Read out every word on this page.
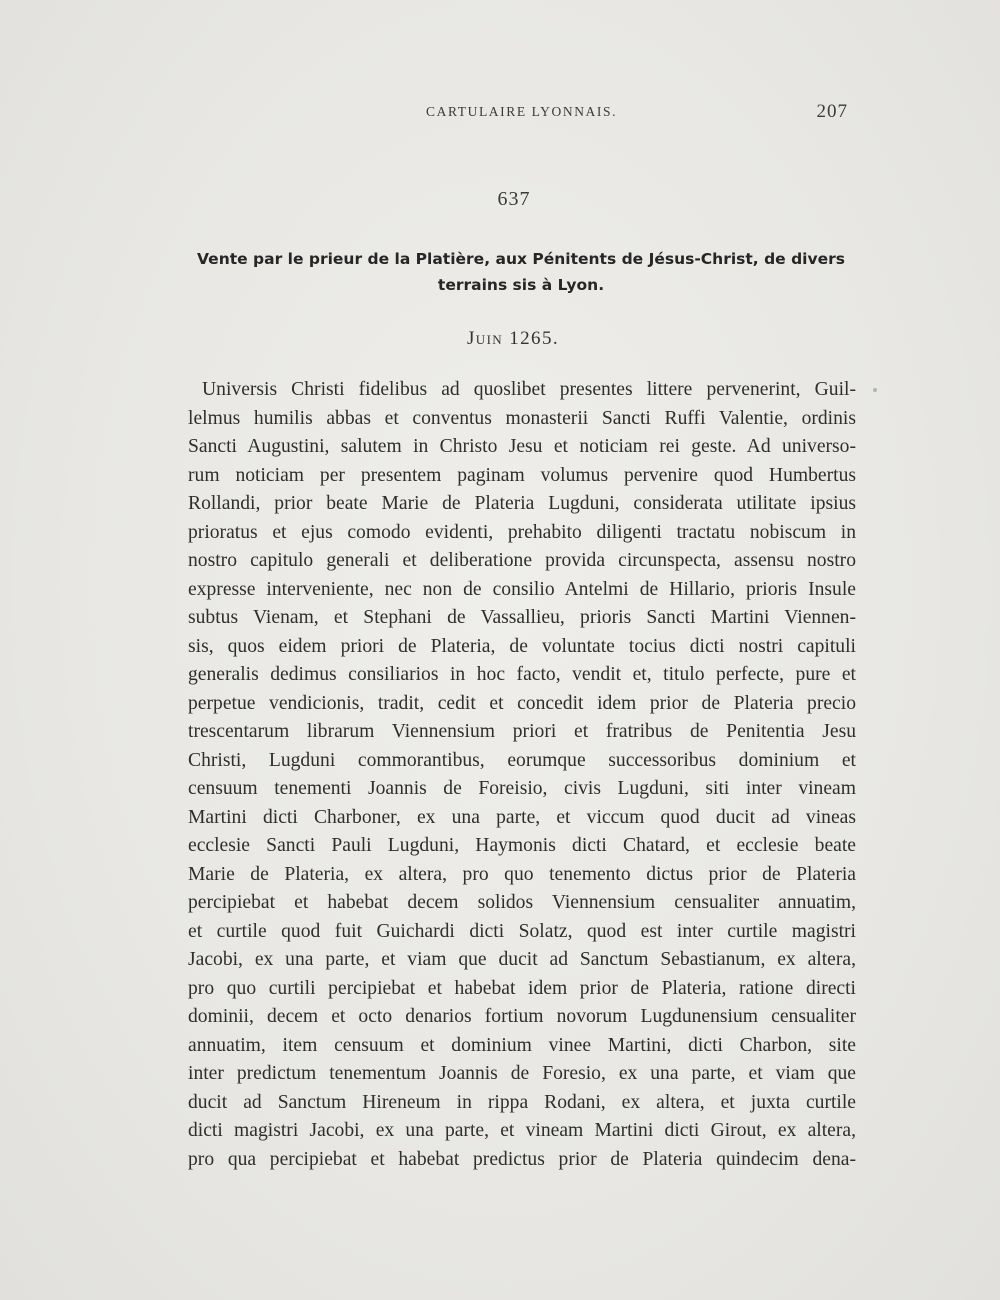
CARTULAIRE LYONNAIS.	207
637
Vente par le prieur de la Platière, aux Pénitents de Jésus-Christ, de divers
terrains sis à Lyon.
Juin 1265.
Universis Christi fidelibus ad quoslibet presentes littere pervenerint, Guil-
lelmus humilis abbas et conventus monasterii Sancti Ruffi Valentie, ordinis
Sancti Augustini, salutem in Christo Jesu et noticiam rei geste. Ad universo-
rum noticiam per presentem paginam volumus pervenire quod Humbertus
Rollandi, prior beate Marie de Plateria Lugduni, considerata utilitate ipsius
prioratus et ejus comodo evidenti, prehabito diligenti tractatu nobiscum in
nostro capitulo generali et deliberatione provida circunspecta, assensu nostro
expresse interveniente, nec non de consilio Antelmi de Hillario, prioris Insule
subtus Vienam, et Stephani de Vassallieu, prioris Sancti Martini Viennen-
sis, quos eidem priori de Plateria, de voluntate tocius dicti nostri capituli
generalis dedimus consiliarios in hoc facto, vendit et, titulo perfecte, pure et
perpetue vendicionis, tradit, cedit et concedit idem prior de Plateria precio
trescentarum librarum Viennensium priori et fratribus de Penitentia Jesu
Christi, Lugduni commorantibus, eorumque successoribus dominium et
censuum tenementi Joannis de Foreisio, civis Lugduni, siti inter vineam
Martini dicti Charboner, ex una parte, et viccum quod ducit ad vineas
ecclesie Sancti Pauli Lugduni, Haymonis dicti Chatard, et ecclesie beate
Marie de Plateria, ex altera, pro quo tenemento dictus prior de Plateria
percipiebat et habebat decem solidos Viennensium censualiter annuatim,
et curtile quod fuit Guichardi dicti Solatz, quod est inter curtile magistri
Jacobi, ex una parte, et viam que ducit ad Sanctum Sebastianum, ex altera,
pro quo curtili percipiebat et habebat idem prior de Plateria, ratione directi
dominii, decem et octo denarios fortium novorum Lugdunensium censualiter
annuatim, item censuum et dominium vinee Martini, dicti Charbon, site
inter predictum tenementum Joannis de Foresio, ex una parte, et viam que
ducit ad Sanctum Hireneum in rippa Rodani, ex altera, et juxta curtile
dicti magistri Jacobi, ex una parte, et vineam Martini dicti Girout, ex altera,
pro qua percipiebat et habebat predictus prior de Plateria quindecim dena-
